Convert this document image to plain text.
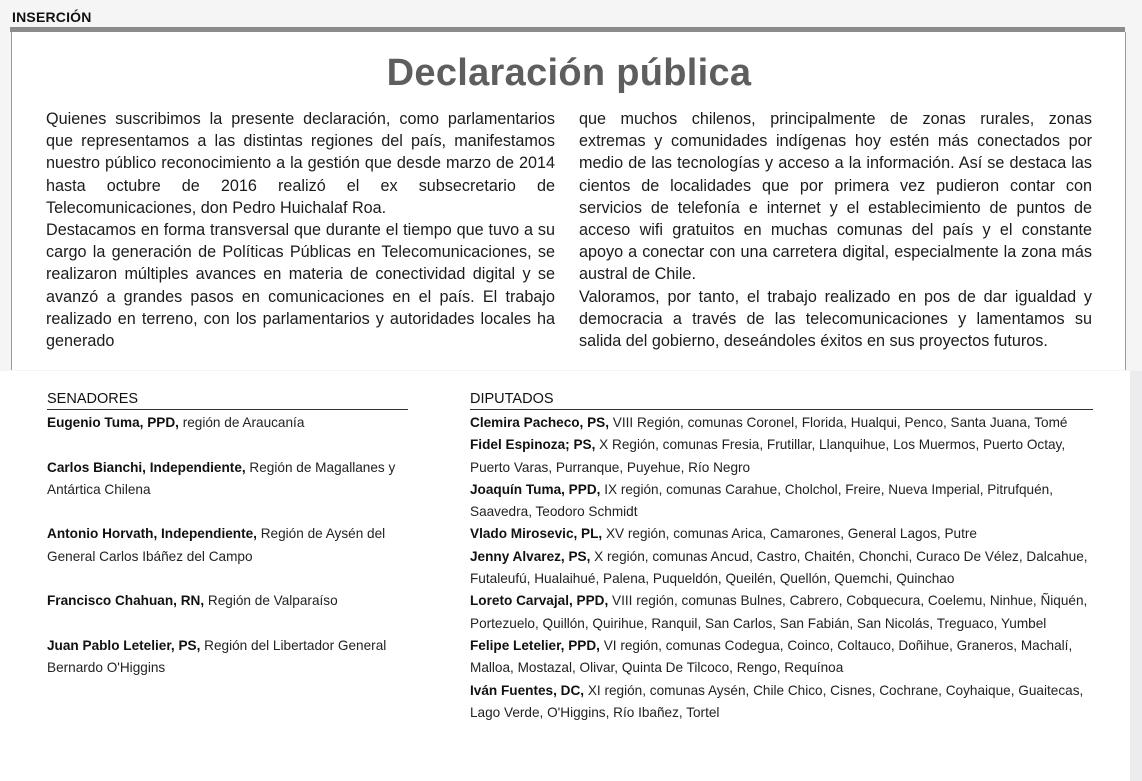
INSERCIÓN
Declaración pública

Quienes suscribimos la presente declaración, como parlamentarios que representamos a las distintas regiones del país, manifestamos nuestro público reconocimiento a la gestión que desde marzo de 2014 hasta octubre de 2016 realizó el ex subsecretario de Telecomunicaciones, don Pedro Huichalaf Roa.

Destacamos en forma transversal que durante el tiempo que tuvo a su cargo la generación de Políticas Públicas en Telecomunicaciones, se realizaron múltiples avances en materia de conectividad digital y se avanzó a grandes pasos en comunicaciones en el país. El trabajo realizado en terreno, con los parlamentarios y autoridades locales ha generado

que muchos chilenos, principalmente de zonas rurales, zonas extremas y comunidades indígenas hoy estén más conectados por medio de las tecnologías y acceso a la información. Así se destaca las cientos de localidades que por primera vez pudieron contar con servicios de telefonía e internet y el establecimiento de puntos de acceso wifi gratuitos en muchas comunas del país y el constante apoyo a conectar con una carretera digital, especialmente la zona más austral de Chile.

Valoramos, por tanto, el trabajo realizado en pos de dar igualdad y democracia a través de las telecomunicaciones y lamentamos su salida del gobierno, deseándoles éxitos en sus proyectos futuros.

SENADORES	DIPUTADOS

Eugenio Tuma, PPD, región de Araucanía

Carlos Bianchi, Independiente, Región de Magallanes y Antártica Chilena

Antonio Horvath, Independiente, Región de Aysén del General Carlos Ibáñez del Campo

Francisco Chahuan, RN, Región de Valparaíso

Juan Pablo Letelier, PS, Región del Libertador General Bernardo O'Higgins

Clemira Pacheco, PS, VIII Región, comunas Coronel, Florida, Hualqui, Penco, Santa Juana, Tomé

Fidel Espinoza; PS, X Región, comunas Fresia, Frutillar, Llanquihue, Los Muermos, Puerto Octay, Puerto Varas, Purranque, Puyehue, Río Negro

Joaquín Tuma, PPD, IX región, comunas Carahue, Cholchol, Freire, Nueva Imperial, Pitrufquén, Saavedra, Teodoro Schmidt

Vlado Mirosevic, PL, XV región, comunas Arica, Camarones, General Lagos, Putre

Jenny Alvarez, PS, X región, comunas Ancud, Castro, Chaitén, Chonchi, Curaco De Vélez, Dalcahue, Futaleufú, Hualaihué, Palena, Puqueldón, Queilén, Quellón, Quemchi, Quinchao

Loreto Carvajal, PPD, VIII región, comunas Bulnes, Cabrero, Cobquecura, Coelemu, Ninhue, Ñiquén, Portezuelo, Quillón, Quirihue, Ranquil, San Carlos, San Fabián, San Nicolás, Treguaco, Yumbel

Felipe Letelier, PPD, VI región, comunas Codegua, Coinco, Coltauco, Doñihue, Graneros, Machalí, Malloa, Mostazal, Olivar, Quinta De Tilcoco, Rengo, Requínoa

Iván Fuentes, DC, XI región, comunas Aysén, Chile Chico, Cisnes, Cochrane, Coyhaique, Guaitecas, Lago Verde, O'Higgins, Río Ibañez, Tortel
